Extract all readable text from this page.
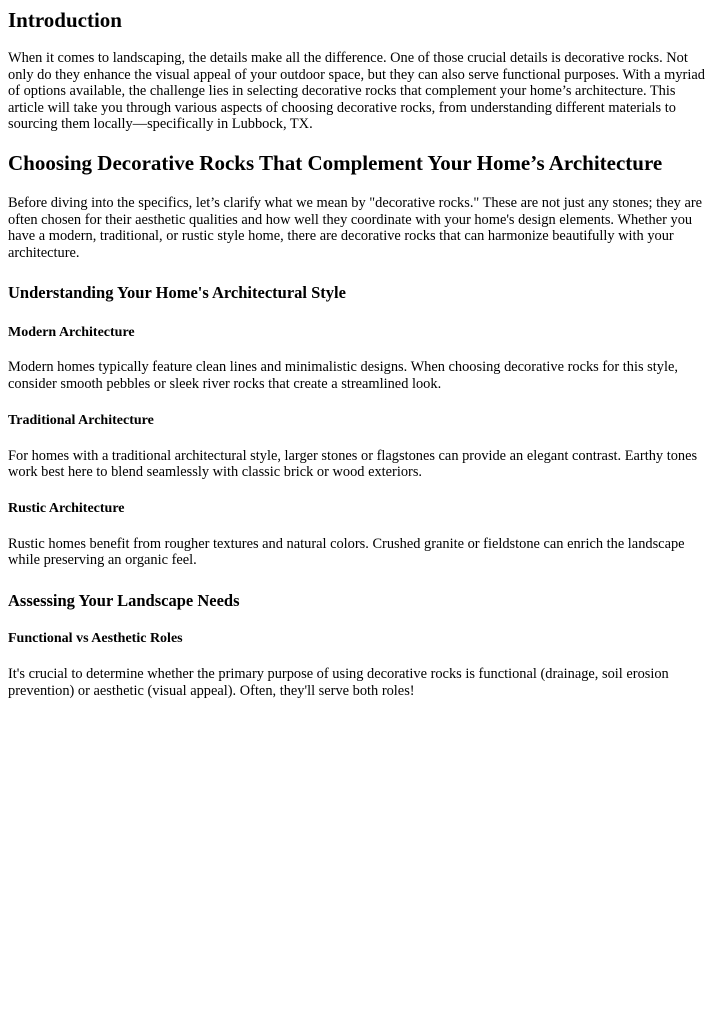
Introduction

When it comes to landscaping, the details make all the difference. One of those crucial details is decorative rocks. Not only do they enhance the visual appeal of your outdoor space, but they can also serve functional purposes. With a myriad of options available, the challenge lies in selecting decorative rocks that complement your home’s architecture. This article will take you through various aspects of choosing decorative rocks, from understanding different materials to sourcing them locally—specifically in Lubbock, TX.

Choosing Decorative Rocks That Complement Your Home’s Architecture

Before diving into the specifics, let’s clarify what we mean by "decorative rocks." These are not just any stones; they are often chosen for their aesthetic qualities and how well they coordinate with your home's design elements. Whether you have a modern, traditional, or rustic style home, there are decorative rocks that can harmonize beautifully with your architecture.

Understanding Your Home's Architectural Style
Modern Architecture

Modern homes typically feature clean lines and minimalistic designs. When choosing decorative rocks for this style, consider smooth pebbles or sleek river rocks that create a streamlined look.

Traditional Architecture

For homes with a traditional architectural style, larger stones or flagstones can provide an elegant contrast. Earthy tones work best here to blend seamlessly with classic brick or wood exteriors.

Rustic Architecture

Rustic homes benefit from rougher textures and natural colors. Crushed granite or fieldstone can enrich the landscape while preserving an organic feel.

Assessing Your Landscape Needs
Functional vs Aesthetic Roles

It's crucial to determine whether the primary purpose of using decorative rocks is functional (drainage, soil erosion prevention) or aesthetic (visual appeal). Often, they'll serve both roles!
